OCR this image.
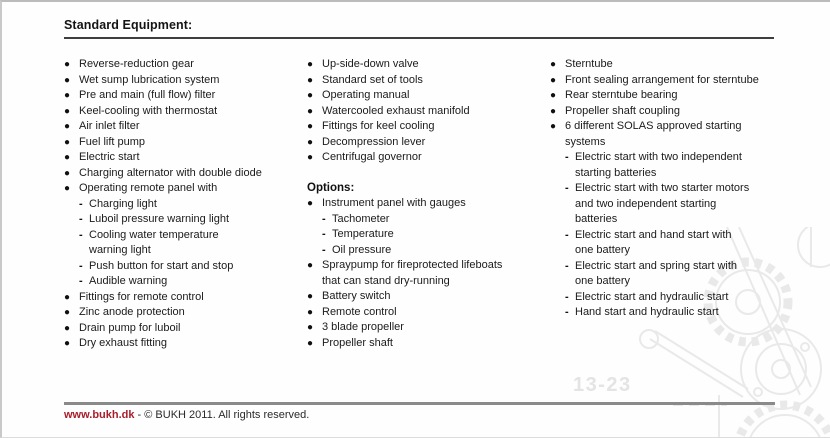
Standard Equipment:
● Reverse-reduction gear
● Wet sump lubrication system
● Pre and main (full flow) filter
● Keel-cooling with thermostat
● Air inlet filter
● Fuel lift pump
● Electric start
● Charging alternator with double diode
● Operating remote panel with
- Charging light
- Luboil pressure warning light
- Cooling water temperature warning light
- Push button for start and stop
- Audible warning
● Fittings for remote control
● Zinc anode protection
● Drain pump for luboil
● Dry exhaust fitting
● Up-side-down valve
● Standard set of tools
● Operating manual
● Watercooled exhaust manifold
● Fittings for keel cooling
● Decompression lever
● Centrifugal governor
Options:
● Instrument panel with gauges
- Tachometer
- Temperature
- Oil pressure
● Spraypump for fireprotected lifeboats that can stand dry-running
● Battery switch
● Remote control
● 3 blade propeller
● Propeller shaft
● Sterntube
● Front sealing arrangement for sterntube
● Rear sterntube bearing
● Propeller shaft coupling
● 6 different SOLAS approved starting systems
- Electric start with two independent starting batteries
- Electric start with two starter motors and two independent starting batteries
- Electric start and hand start with one battery
- Electric start and spring start with one battery
- Electric start and hydraulic start
- Hand start and hydraulic start
13-23
www.bukh.dk - © BUKH 2011. All rights reserved.
